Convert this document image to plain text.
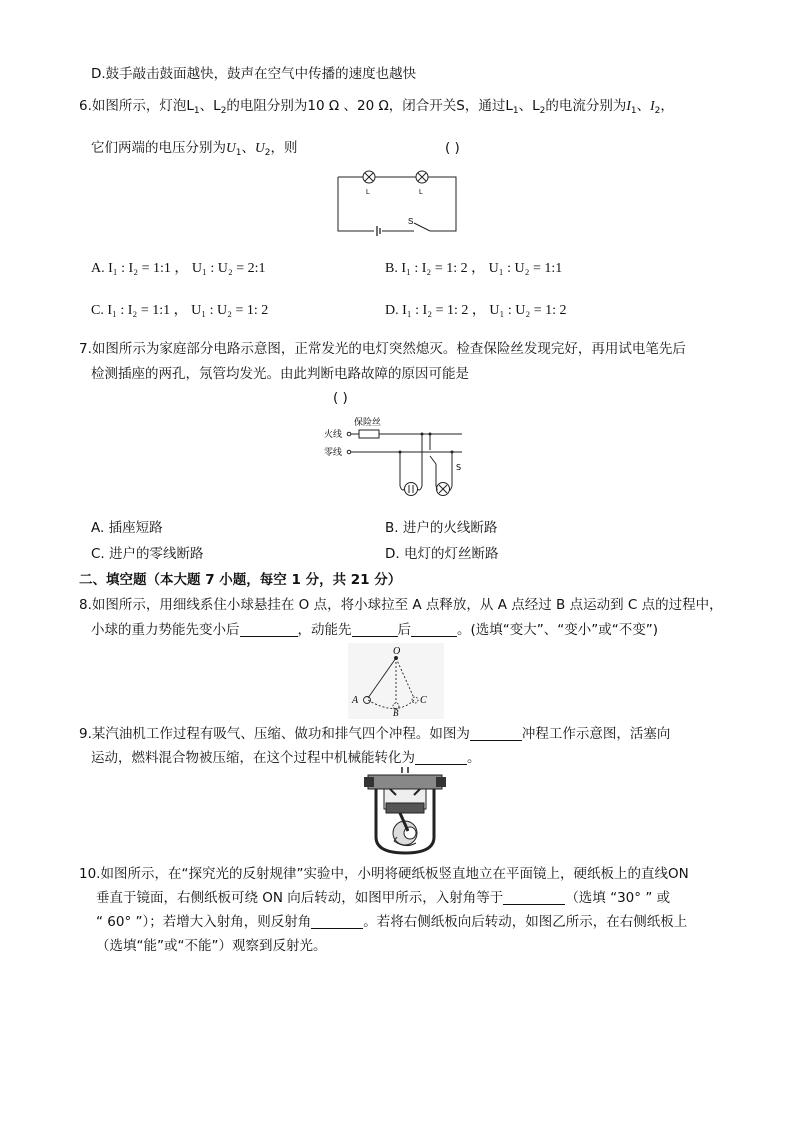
D.鼓手敲击鼓面越快，鼓声在空气中传播的速度也越快
6.如图所示，灯泡$L_1$、$L_2$的电阻分别为10 Ω 、20 Ω，闭合开关S，通过$L_1$、$L_2$的电流分别为$I_1$、$I_2$，
它们两端的电压分别为$U_1$、$U_2$，则	( )
L	L
S
A. I₁ : I₂ = 1:1 ， U₁ : U₂ = 2:1	B. I₁ : I₂ = 1: 2 ， U₁ : U₂ = 1:1
C. I₁ : I₂ = 1:1 ， U₁ : U₂ = 1: 2	D. I₁ : I₂ = 1: 2 ， U₁ : U₂ = 1: 2
7.如图所示为家庭部分电路示意图，正常发光的电灯突然熄灭。检查保险丝发现完好，再用试电笔先后
检测插座的两孔，氖管均发光。由此判断电路故障的原因可能是
( )
火线
零线
保险丝
S
A. 插座短路	B. 进户的火线断路
C. 进户的零线断路	D. 电灯的灯丝断路
二、填空题（本大题 7 小题，每空 1 分，共 21 分）
8.如图所示，用细线系住小球悬挂在 O 点，将小球拉至 A 点释放，从 A 点经过 B 点运动到 C 点的过程中，
小球的重力势能先变小后	，动能先	后	。(选填“变大”、“变小”或“不变”)
O
A
B
C
9.某汽油机工作过程有吸气、压缩、做功和排气四个冲程。如图为	冲程工作示意图，活塞向
运动，燃料混合物被压缩，在这个过程中机械能转化为	。
10.如图所示，在“探究光的反射规律”实验中，小明将硬纸板竖直地立在平面镜上，硬纸板上的直线ON
垂直于镜面，右侧纸板可绕 ON 向后转动，如图甲所示，入射角等于	（选填 “30° ” 或
“ 60° ”）；若增大入射角，则反射角	。若将右侧纸板向后转动，如图乙所示，在右侧纸板上
（选填“能”或“不能”）观察到反射光。
